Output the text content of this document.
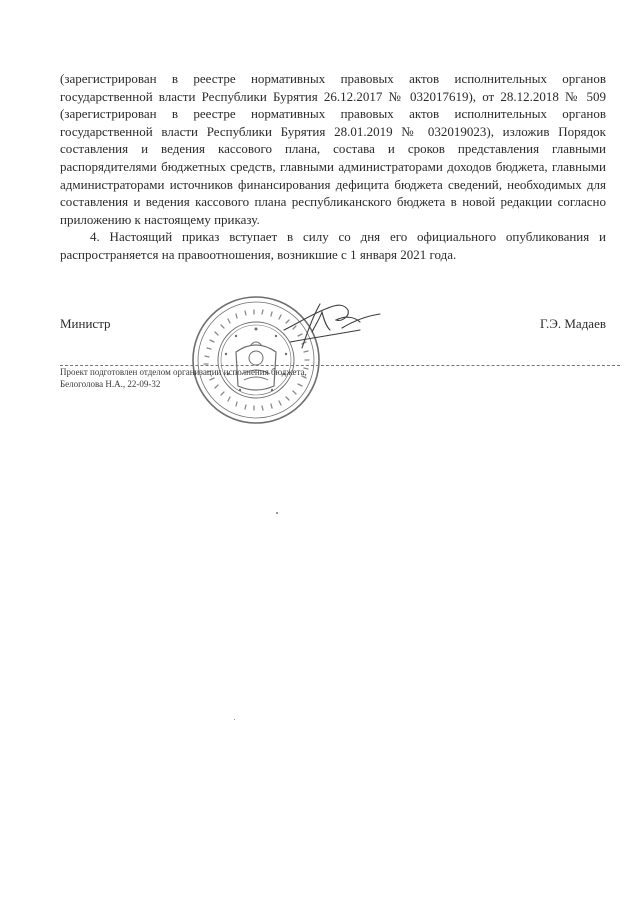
(зарегистрирован в реестре нормативных правовых актов исполнительных органов государственной власти Республики Бурятия 26.12.2017 № 032017619), от 28.12.2018 № 509 (зарегистрирован в реестре нормативных правовых актов исполнительных органов государственной власти Республики Бурятия 28.01.2019 № 032019023), изложив Порядок составления и ведения кассового плана, состава и сроков представления главными распорядителями бюджетных средств, главными администраторами доходов бюджета, главными администраторами источников финансирования дефицита бюджета сведений, необходимых для составления и ведения кассового плана республиканского бюджета в новой редакции согласно приложению к настоящему приказу.

4. Настоящий приказ вступает в силу со дня его официального опубликования и распространяется на правоотношения, возникшие с 1 января 2021 года.

Министр	Г.Э. Мадаев

Проект подготовлен отделом организации исполнения бюджета,
Белоголова Н.А., 22-09-32
